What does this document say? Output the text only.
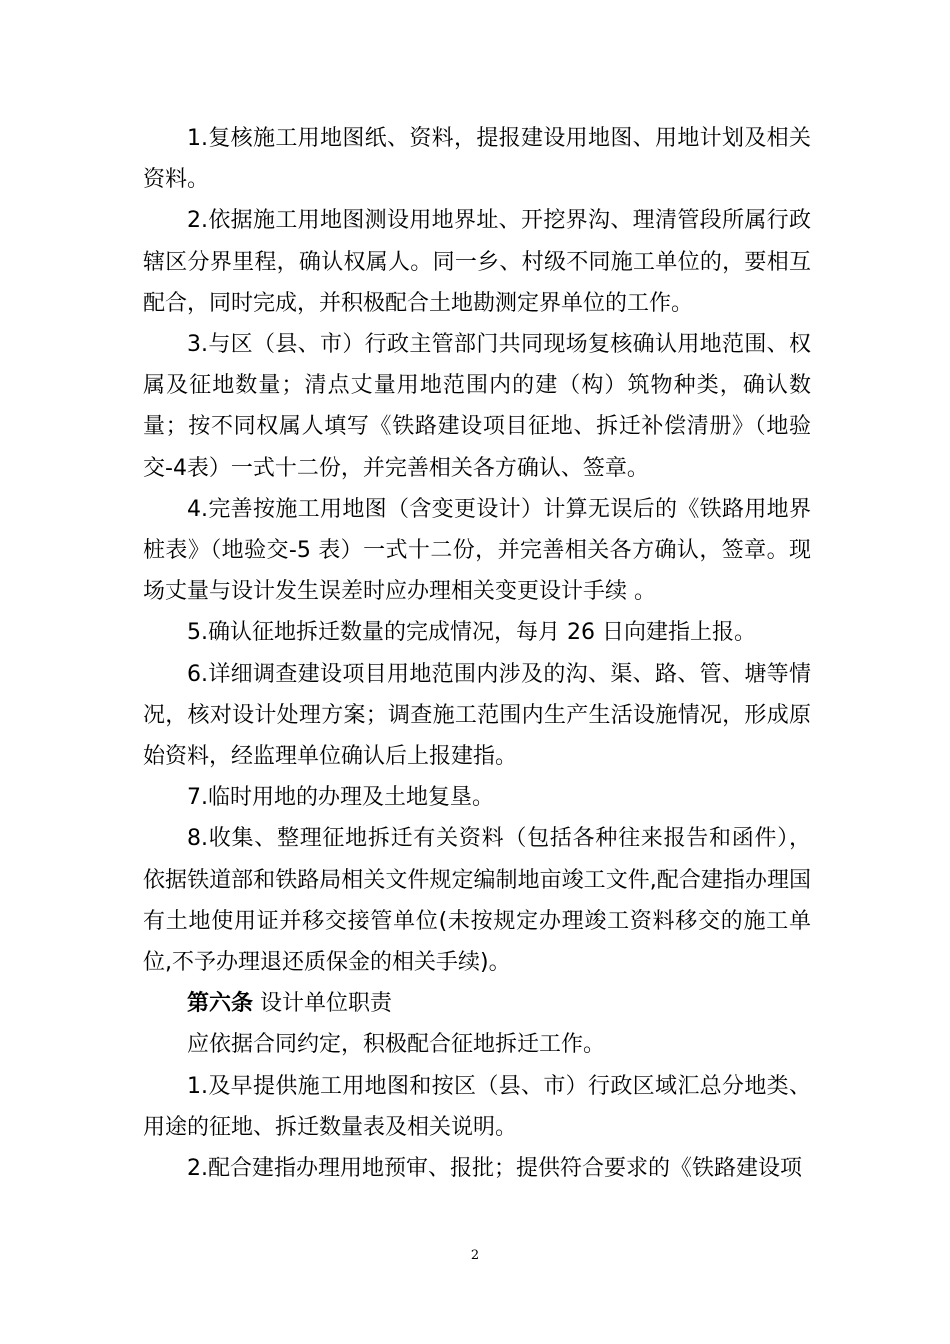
1.复核施工用地图纸、资料，提报建设用地图、用地计划及相关资料。

2.依据施工用地图测设用地界址、开挖界沟、理清管段所属行政辖区分界里程，确认权属人。同一乡、村级不同施工单位的，要相互配合，同时完成，并积极配合土地勘测定界单位的工作。

3.与区（县、市）行政主管部门共同现场复核确认用地范围、权属及征地数量；清点丈量用地范围内的建（构）筑物种类，确认数量；按不同权属人填写《铁路建设项目征地、拆迁补偿清册》（地验交-4表）一式十二份，并完善相关各方确认、签章。

4.完善按施工用地图（含变更设计）计算无误后的《铁路用地界桩表》（地验交-5 表）一式十二份，并完善相关各方确认，签章。现场丈量与设计发生误差时应办理相关变更设计手续 。

5.确认征地拆迁数量的完成情况，每月 26 日向建指上报。

6.详细调查建设项目用地范围内涉及的沟、渠、路、管、塘等情况，核对设计处理方案；调查施工范围内生产生活设施情况，形成原始资料，经监理单位确认后上报建指。

7.临时用地的办理及土地复垦。

8.收集、整理征地拆迁有关资料（包括各种往来报告和函件），依据铁道部和铁路局相关文件规定编制地亩竣工文件,配合建指办理国有土地使用证并移交接管单位(未按规定办理竣工资料移交的施工单位,不予办理退还质保金的相关手续)。

第六条 设计单位职责

应依据合同约定，积极配合征地拆迁工作。

1.及早提供施工用地图和按区（县、市）行政区域汇总分地类、用途的征地、拆迁数量表及相关说明。

2.配合建指办理用地预审、报批；提供符合要求的《铁路建设项

2
